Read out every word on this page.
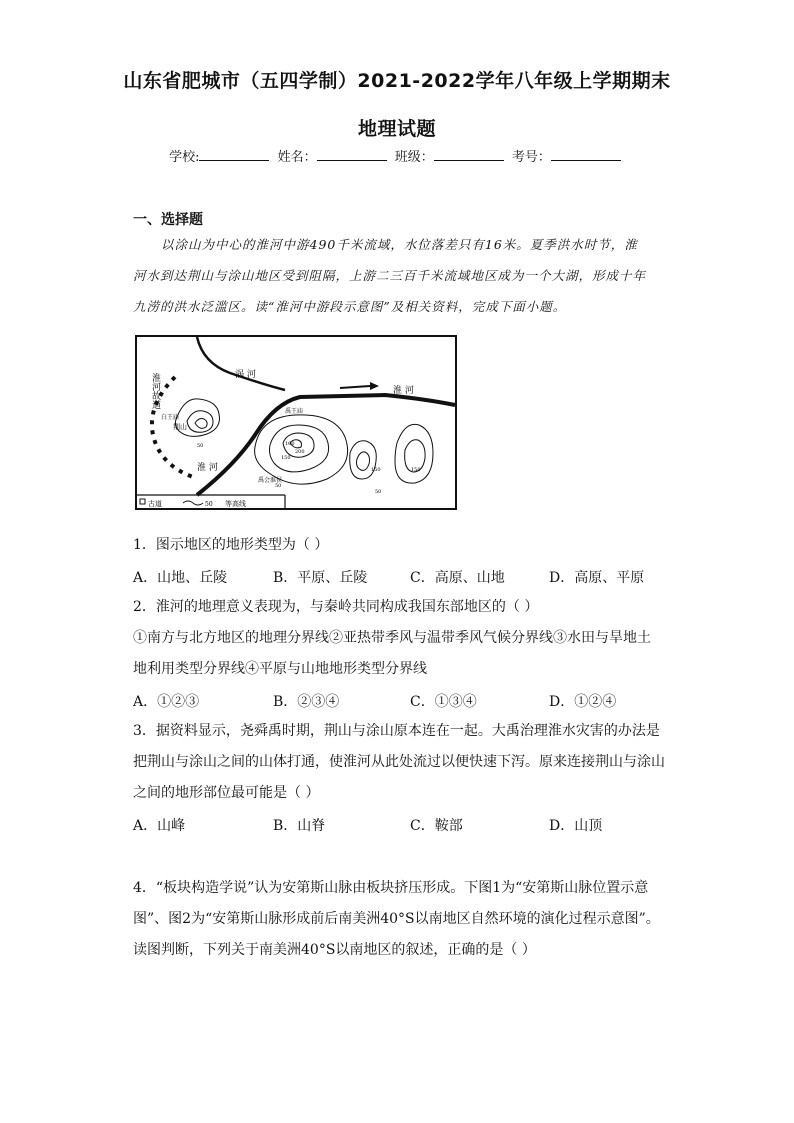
山东省肥城市（五四学制）2021-2022学年八年级上学期期末
地理试题
学校:	姓名：	班级：	考号：
一、选择题
以涂山为中心的淮河中游490千米流域，水位落差只有16米。夏季洪水时节，淮
河水到达荆山与涂山地区受到阻隔，上游二三百千米流域地区成为一个大湖，形成十年
九涝的洪水泛滥区。读“淮河中游段示意图”及相关资料，完成下面小题。
古道	50 等高线
淮河故道	涡 河
淮 河
淮 河
白王庙
荆山
禹王庙
禹会淮侯
50
150
200
100
150	150
50
50
1．图示地区的地形类型为（ ）
A．山地、丘陵	B．平原、丘陵	C．高原、山地	D．高原、平原
2．淮河的地理意义表现为，与秦岭共同构成我国东部地区的（ ）
①南方与北方地区的地理分界线②亚热带季风与温带季风气候分界线③水田与旱地土
地利用类型分界线④平原与山地地形类型分界线
A．①②③	B．②③④	C．①③④	D．①②④
3．据资料显示，尧舜禹时期，荆山与涂山原本连在一起。大禹治理淮水灾害的办法是
把荆山与涂山之间的山体打通，使淮河从此处流过以便快速下泻。原来连接荆山与涂山
之间的地形部位最可能是（ ）
A．山峰	B．山脊	C．鞍部	D．山顶
4．“板块构造学说”认为安第斯山脉由板块挤压形成。下图1为“安第斯山脉位置示意
图”、图2为“安第斯山脉形成前后南美洲40°S以南地区自然环境的演化过程示意图”。
读图判断，下列关于南美洲40°S以南地区的叙述，正确的是（ ）
